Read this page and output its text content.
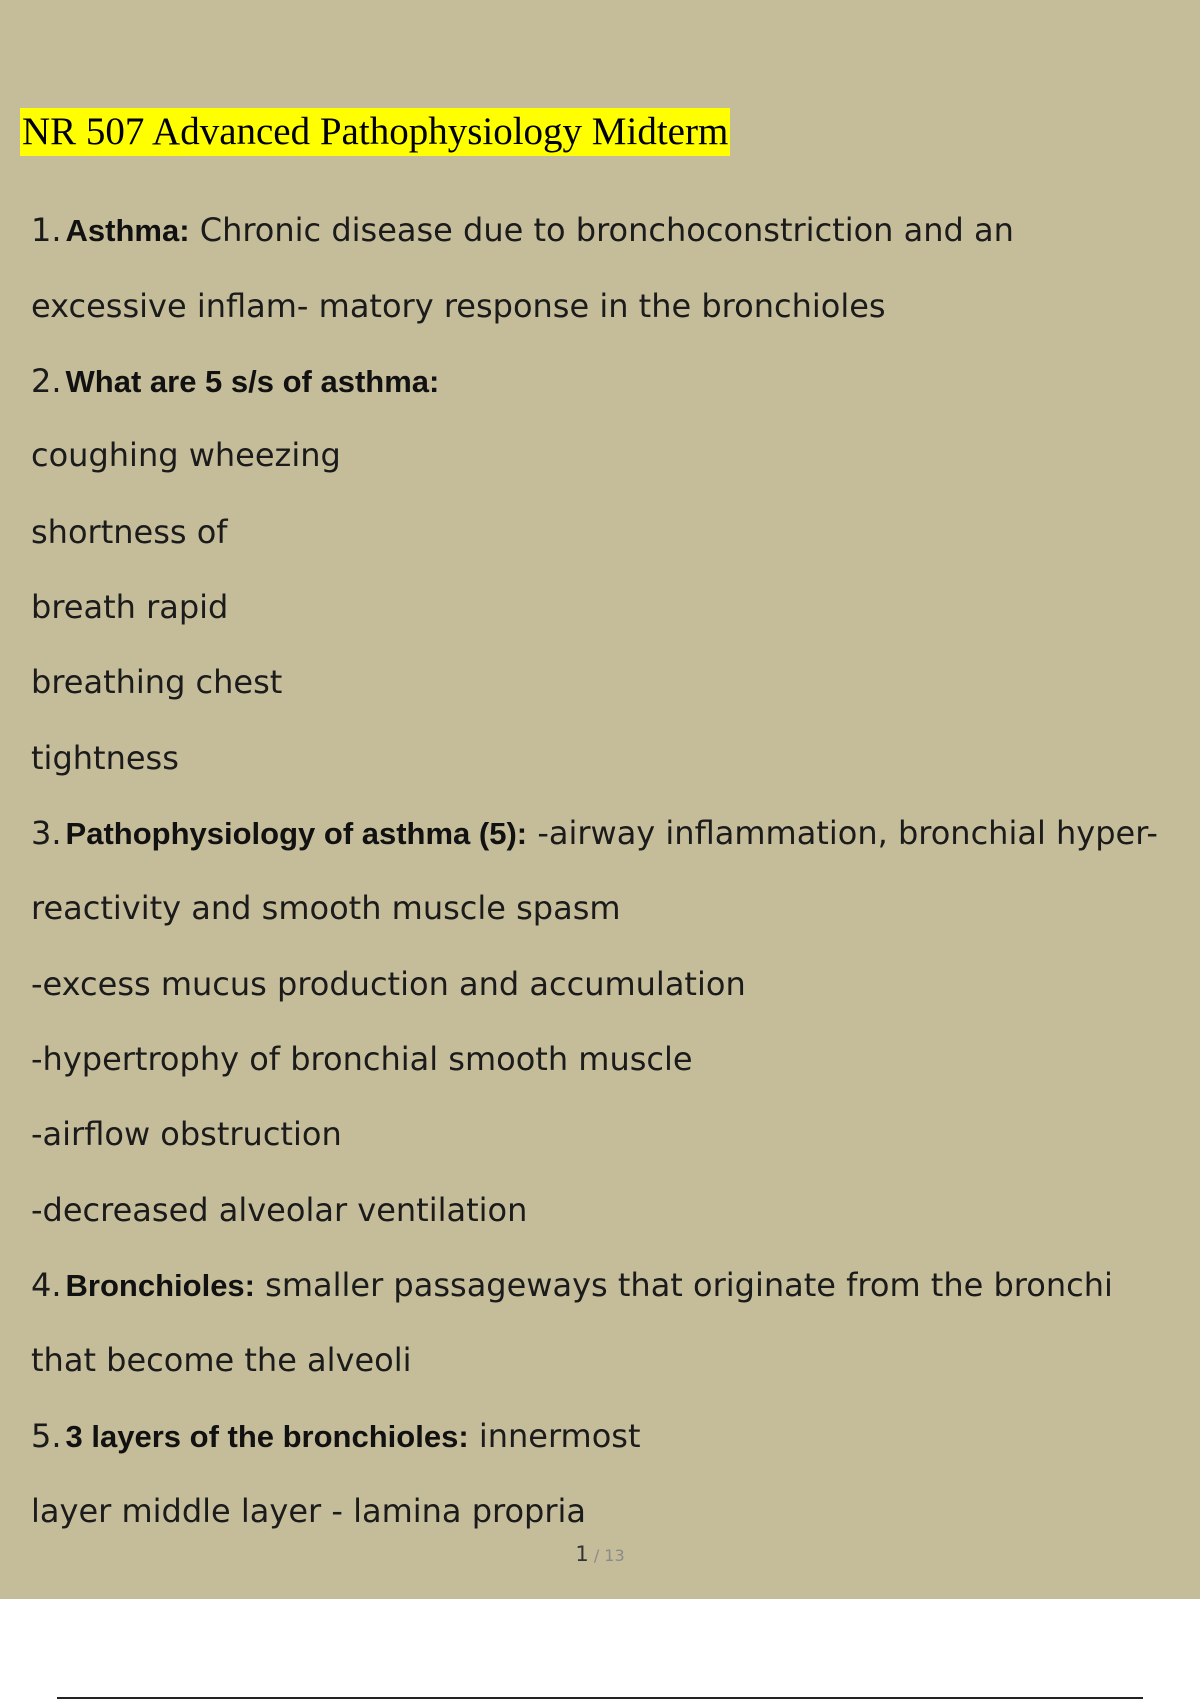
NR 507 Advanced Pathophysiology Midterm
1. Asthma: Chronic disease due to bronchoconstriction and an
excessive inflam- matory response in the bronchioles
2. What are 5 s/s of asthma:
coughing wheezing
shortness of
breath rapid
breathing chest
tightness
3. Pathophysiology of asthma (5): -airway inflammation, bronchial hyper-
reactivity and smooth muscle spasm
-excess mucus production and accumulation
-hypertrophy of bronchial smooth muscle
-airflow obstruction
-decreased alveolar ventilation
4. Bronchioles: smaller passageways that originate from the bronchi
that become the alveoli
5. 3 layers of the bronchioles: innermost
layer middle layer - lamina propria
1 / 13
